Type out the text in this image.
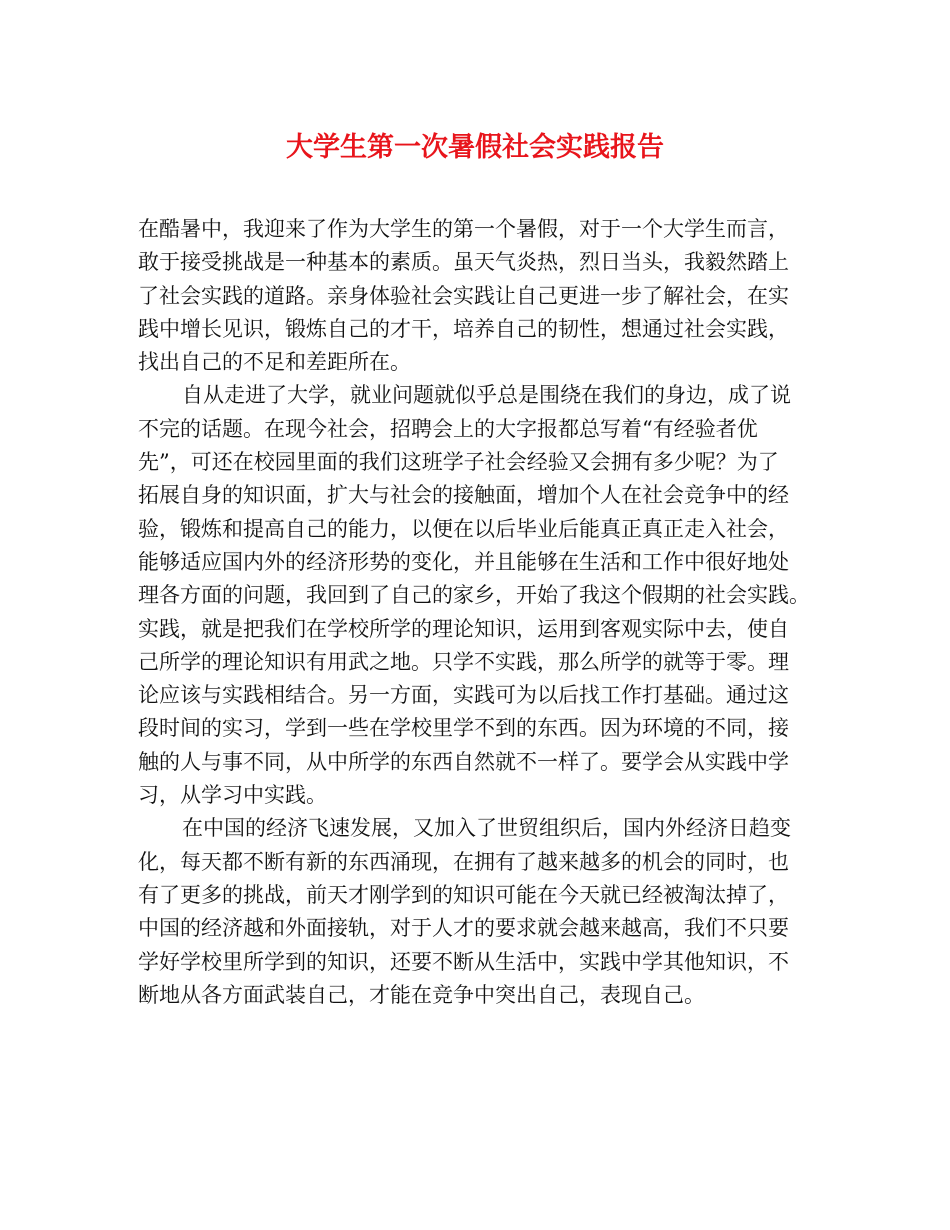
大学生第一次暑假社会实践报告

在酷暑中，我迎来了作为大学生的第一个暑假，对于一个大学生而言，

敢于接受挑战是一种基本的素质。虽天气炎热，烈日当头，我毅然踏上

了社会实践的道路。亲身体验社会实践让自己更进一步了解社会，在实

践中增长见识，锻炼自己的才干，培养自己的韧性，想通过社会实践，

找出自己的不足和差距所在。

自从走进了大学，就业问题就似乎总是围绕在我们的身边，成了说

不完的话题。在现今社会，招聘会上的大字报都总写着“有经验者优

先”，可还在校园里面的我们这班学子社会经验又会拥有多少呢？为了

拓展自身的知识面，扩大与社会的接触面，增加个人在社会竞争中的经

验，锻炼和提高自己的能力，以便在以后毕业后能真正真正走入社会，

能够适应国内外的经济形势的变化，并且能够在生活和工作中很好地处

理各方面的问题，我回到了自己的家乡，开始了我这个假期的社会实践。

实践，就是把我们在学校所学的理论知识，运用到客观实际中去，使自

己所学的理论知识有用武之地。只学不实践，那么所学的就等于零。理

论应该与实践相结合。另一方面，实践可为以后找工作打基础。通过这

段时间的实习，学到一些在学校里学不到的东西。因为环境的不同，接

触的人与事不同，从中所学的东西自然就不一样了。要学会从实践中学

习，从学习中实践。

在中国的经济飞速发展，又加入了世贸组织后，国内外经济日趋变

化，每天都不断有新的东西涌现，在拥有了越来越多的机会的同时，也

有了更多的挑战，前天才刚学到的知识可能在今天就已经被淘汰掉了，

中国的经济越和外面接轨，对于人才的要求就会越来越高，我们不只要

学好学校里所学到的知识，还要不断从生活中，实践中学其他知识，不

断地从各方面武装自己，才能在竞争中突出自己，表现自己。
